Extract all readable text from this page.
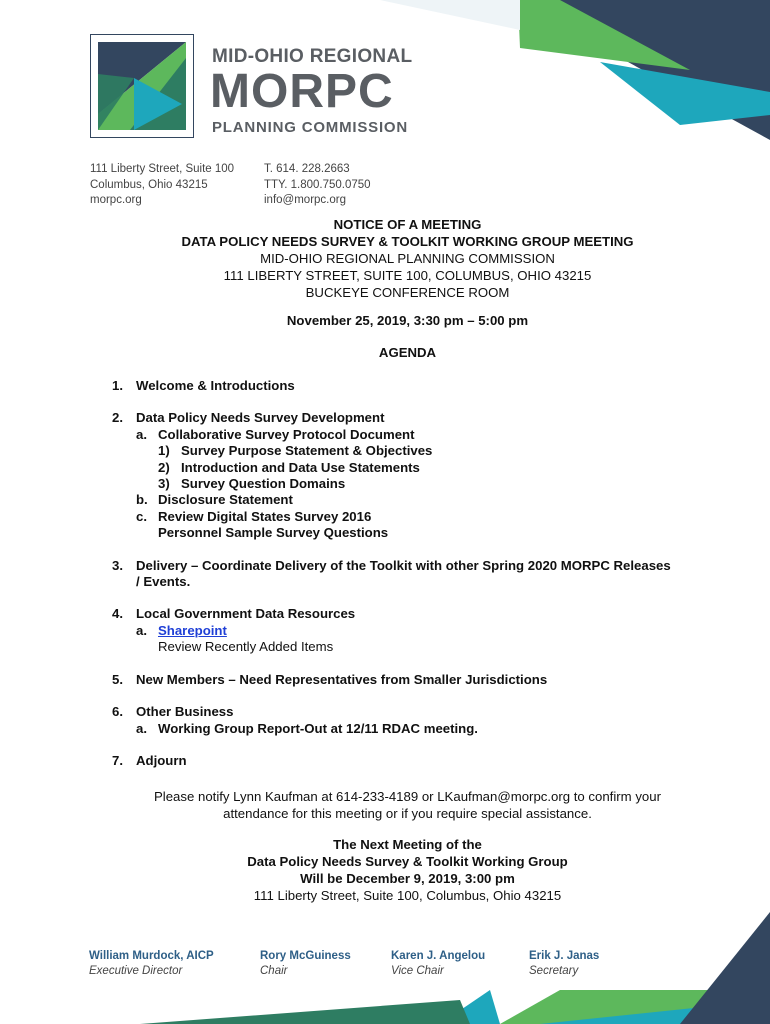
MID-OHIO REGIONAL
MORPC
PLANNING COMMISSION
111 Liberty Street, Suite 100
Columbus, Ohio 43215
morpc.org
T. 614. 228.2663
TTY. 1.800.750.0750
info@morpc.org
NOTICE OF A MEETING
DATA POLICY NEEDS SURVEY & TOOLKIT WORKING GROUP MEETING
MID-OHIO REGIONAL PLANNING COMMISSION
111 LIBERTY STREET, SUITE 100, COLUMBUS, OHIO 43215
BUCKEYE CONFERENCE ROOM
November 25, 2019, 3:30 pm – 5:00 pm
AGENDA
1. Welcome & Introductions
2. Data Policy Needs Survey Development
a. Collaborative Survey Protocol Document
1) Survey Purpose Statement & Objectives
2) Introduction and Data Use Statements
3) Survey Question Domains
b. Disclosure Statement
c. Review Digital States Survey 2016
Personnel Sample Survey Questions
3. Delivery – Coordinate Delivery of the Toolkit with other Spring 2020 MORPC Releases
/ Events.
4. Local Government Data Resources
a. Sharepoint
Review Recently Added Items
5. New Members – Need Representatives from Smaller Jurisdictions
6. Other Business
a. Working Group Report-Out at 12/11 RDAC meeting.
7. Adjourn
Please notify Lynn Kaufman at 614-233-4189 or LKaufman@morpc.org to confirm your
attendance for this meeting or if you require special assistance.
The Next Meeting of the
Data Policy Needs Survey & Toolkit Working Group
Will be December 9, 2019, 3:00 pm
111 Liberty Street, Suite 100, Columbus, Ohio 43215
William Murdock, AICP
Executive Director
Rory McGuiness
Chair
Karen J. Angelou
Vice Chair
Erik J. Janas
Secretary
